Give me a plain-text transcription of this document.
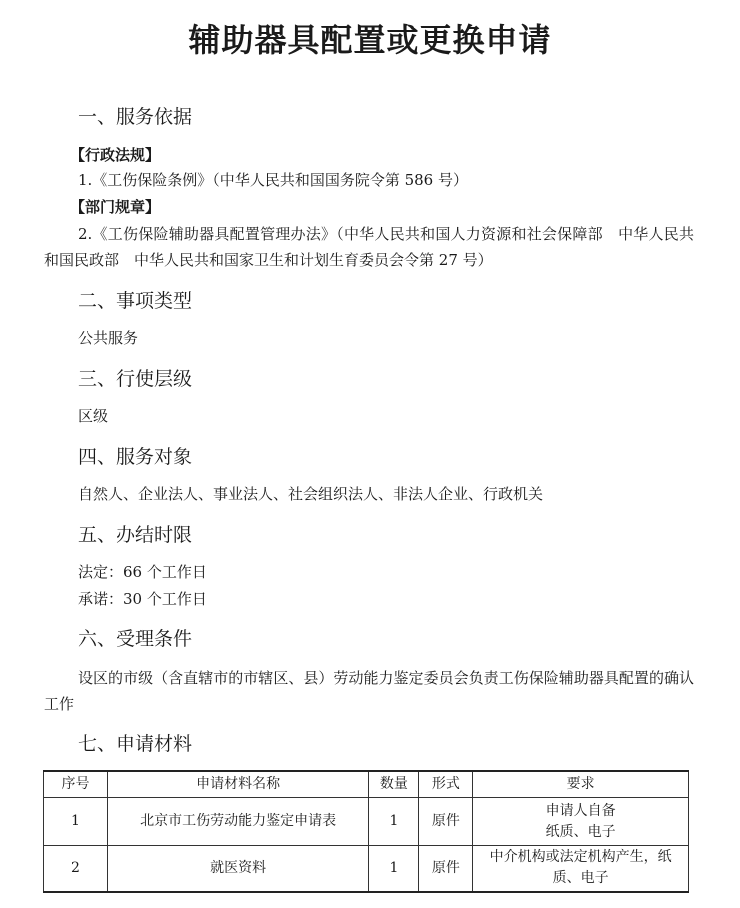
辅助器具配置或更换申请
一、服务依据
【行政法规】
1.《工伤保险条例》（中华人民共和国国务院令第 586 号）
【部门规章】
2.《工伤保险辅助器具配置管理办法》（中华人民共和国人力资源和社会保障部　中华人民共和国民政部　中华人民共和国家卫生和计划生育委员会令第 27 号）
二、事项类型
公共服务
三、行使层级
区级
四、服务对象
自然人、企业法人、事业法人、社会组织法人、非法人企业、行政机关
五、办结时限
法定：66 个工作日
承诺：30 个工作日
六、受理条件
设区的市级（含直辖市的市辖区、县）劳动能力鉴定委员会负责工伤保险辅助器具配置的确认工作
七、申请材料
序号	申请材料名称	数量	形式	要求
1	北京市工伤劳动能力鉴定申请表	1	原件	申请人自备
纸质、电子

2	就医资料	1	原件	中介机构或法定机构产生，纸质、电子
